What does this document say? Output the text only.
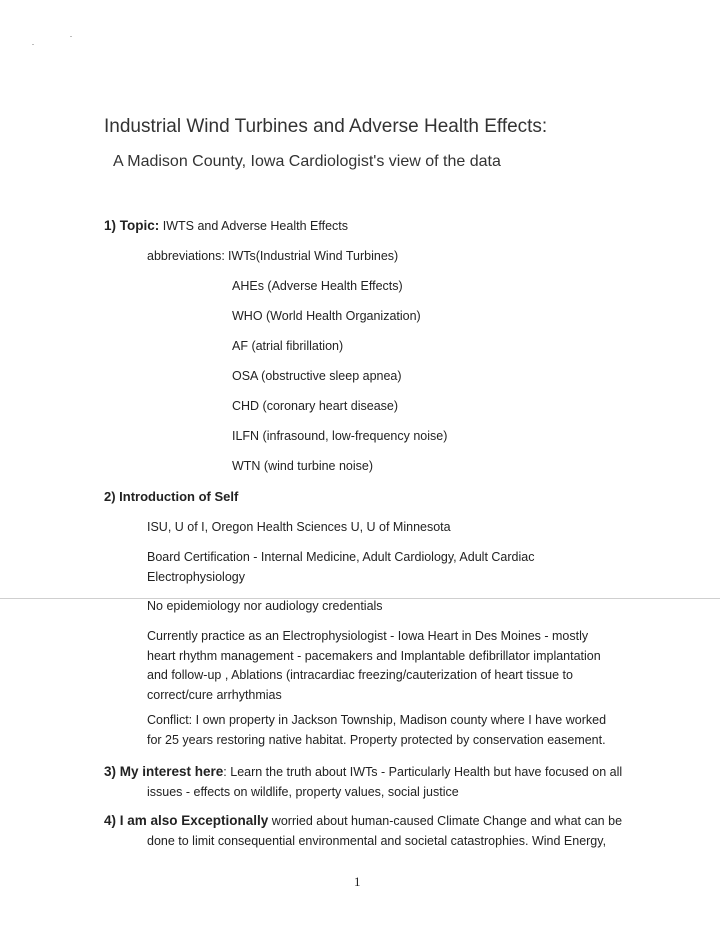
Industrial Wind Turbines and Adverse Health Effects:
A Madison County, Iowa Cardiologist's view of the data
1) Topic: IWTS and Adverse Health Effects
abbreviations: IWTs(Industrial Wind Turbines)
AHEs (Adverse Health Effects)
WHO (World Health Organization)
AF (atrial fibrillation)
OSA (obstructive sleep apnea)
CHD (coronary heart disease)
ILFN (infrasound, low-frequency noise)
WTN (wind turbine noise)
2) Introduction of Self
ISU, U of I, Oregon Health Sciences U, U of Minnesota
Board Certification - Internal Medicine, Adult Cardiology, Adult Cardiac Electrophysiology
No epidemiology nor audiology credentials
Currently practice as an Electrophysiologist - Iowa Heart in Des Moines - mostly heart rhythm management - pacemakers and Implantable defibrillator implantation and follow-up , Ablations (intracardiac freezing/cauterization of heart tissue to correct/cure arrhythmias
Conflict: I own property in Jackson Township, Madison county where I have worked for 25 years restoring native habitat. Property protected by conservation easement.
3) My interest here: Learn the truth about IWTs - Particularly Health but have focused on all issues - effects on wildlife, property values, social justice
4) I am also Exceptionally worried about human-caused Climate Change and what can be done to limit consequential environmental and societal catastrophies. Wind Energy,
1
